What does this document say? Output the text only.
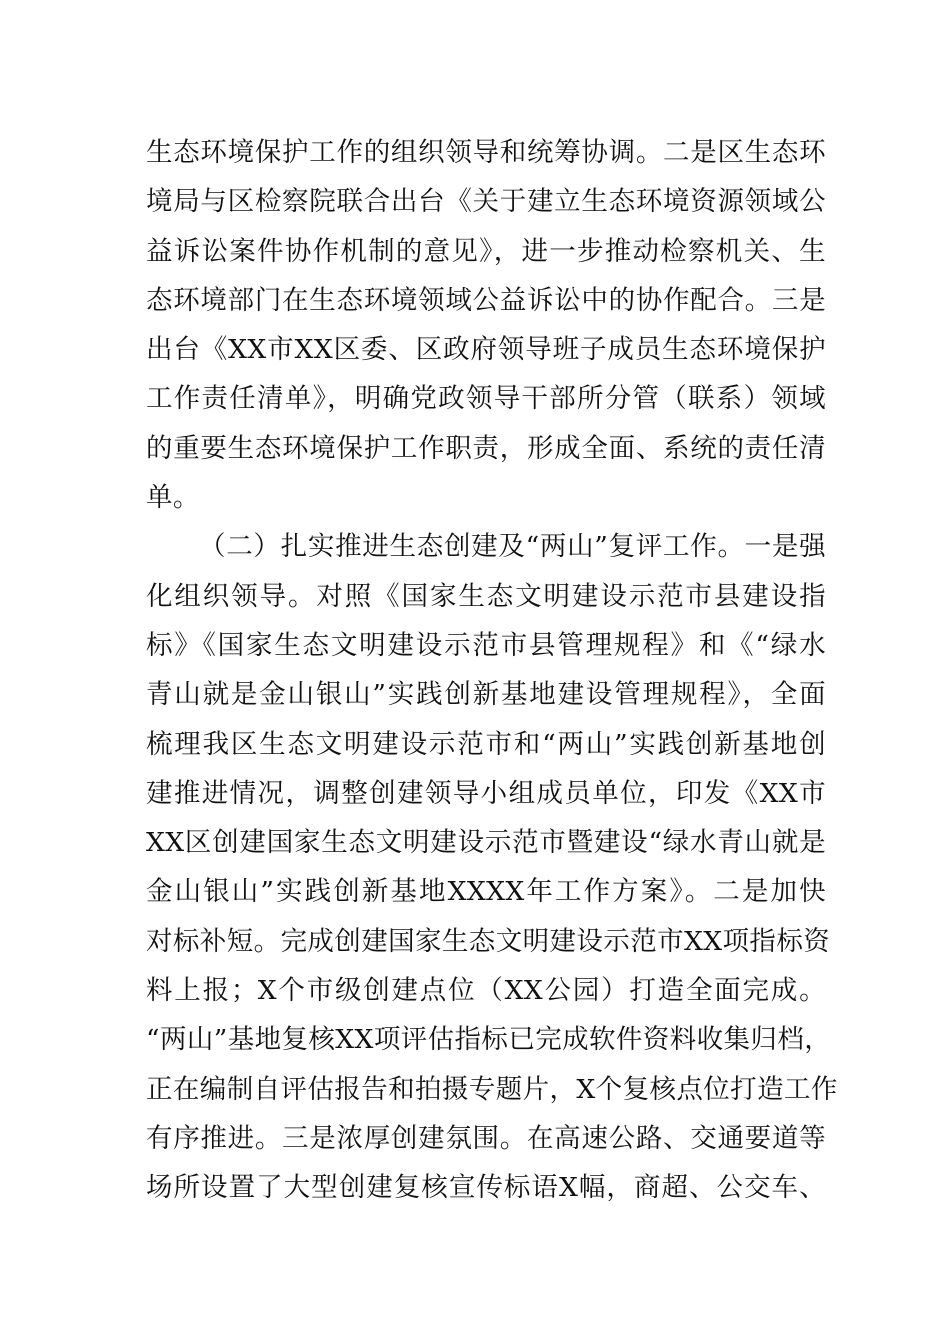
生态环境保护工作的组织领导和统筹协调。二是区生态环
境局与区检察院联合出台《关于建立生态环境资源领域公
益诉讼案件协作机制的意见》，进一步推动检察机关、生
态环境部门在生态环境领域公益诉讼中的协作配合。三是
出台《XX市XX区委、区政府领导班子成员生态环境保护
工作责任清单》，明确党政领导干部所分管（联系）领域
的重要生态环境保护工作职责，形成全面、系统的责任清
单。
（二）扎实推进生态创建及“两山”复评工作。一是强
化组织领导。对照《国家生态文明建设示范市县建设指
标》《国家生态文明建设示范市县管理规程》和《“绿水
青山就是金山银山”实践创新基地建设管理规程》，全面
梳理我区生态文明建设示范市和“两山”实践创新基地创
建推进情况，调整创建领导小组成员单位，印发《XX市
XX区创建国家生态文明建设示范市暨建设“绿水青山就是
金山银山”实践创新基地XXXX年工作方案》。二是加快
对标补短。完成创建国家生态文明建设示范市XX项指标资
料上报；X个市级创建点位（XX公园）打造全面完成。
“两山”基地复核XX项评估指标已完成软件资料收集归档，
正在编制自评估报告和拍摄专题片，X个复核点位打造工作
有序推进。三是浓厚创建氛围。在高速公路、交通要道等
场所设置了大型创建复核宣传标语X幅，商超、公交车、
